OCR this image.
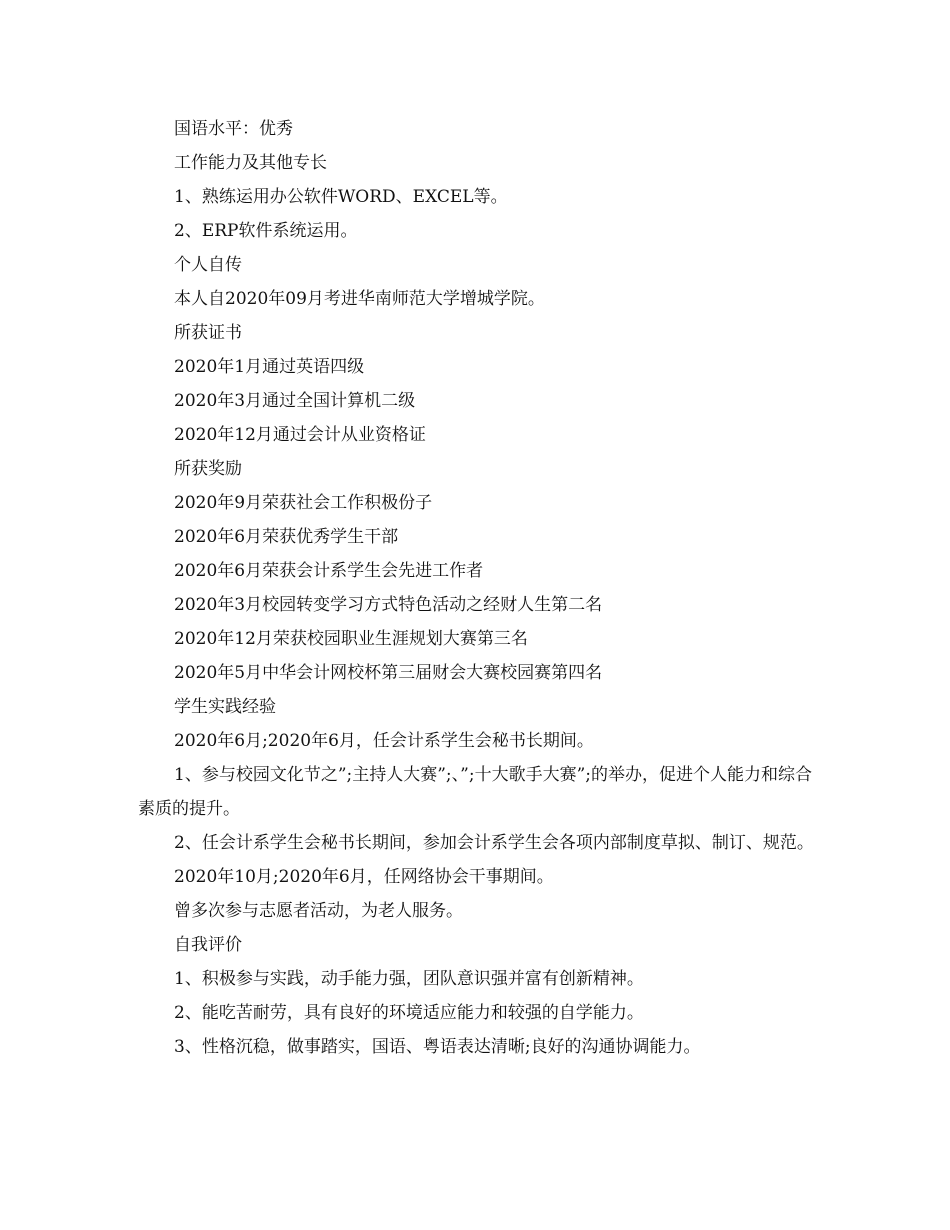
国语水平：优秀

工作能力及其他专长

1、熟练运用办公软件WORD、EXCEL等。

2、ERP软件系统运用。

个人自传

本人自2020年09月考进华南师范大学增城学院。

所获证书

2020年1月通过英语四级

2020年3月通过全国计算机二级

2020年12月通过会计从业资格证

所获奖励

2020年9月荣获社会工作积极份子

2020年6月荣获优秀学生干部

2020年6月荣获会计系学生会先进工作者

2020年3月校园转变学习方式特色活动之经财人生第二名

2020年12月荣获校园职业生涯规划大赛第三名

2020年5月中华会计网校杯第三届财会大赛校园赛第四名

学生实践经验

2020年6月;2020年6月，任会计系学生会秘书长期间。

1、参与校园文化节之”;主持人大赛”;、”;十大歌手大赛”;的举办，促进个人能力和综合素质的提升。

2、任会计系学生会秘书长期间，参加会计系学生会各项内部制度草拟、制订、规范。

2020年10月;2020年6月，任网络协会干事期间。

曾多次参与志愿者活动，为老人服务。

自我评价

1、积极参与实践，动手能力强，团队意识强并富有创新精神。

2、能吃苦耐劳，具有良好的环境适应能力和较强的自学能力。

3、性格沉稳，做事踏实，国语、粤语表达清晰;良好的沟通协调能力。
